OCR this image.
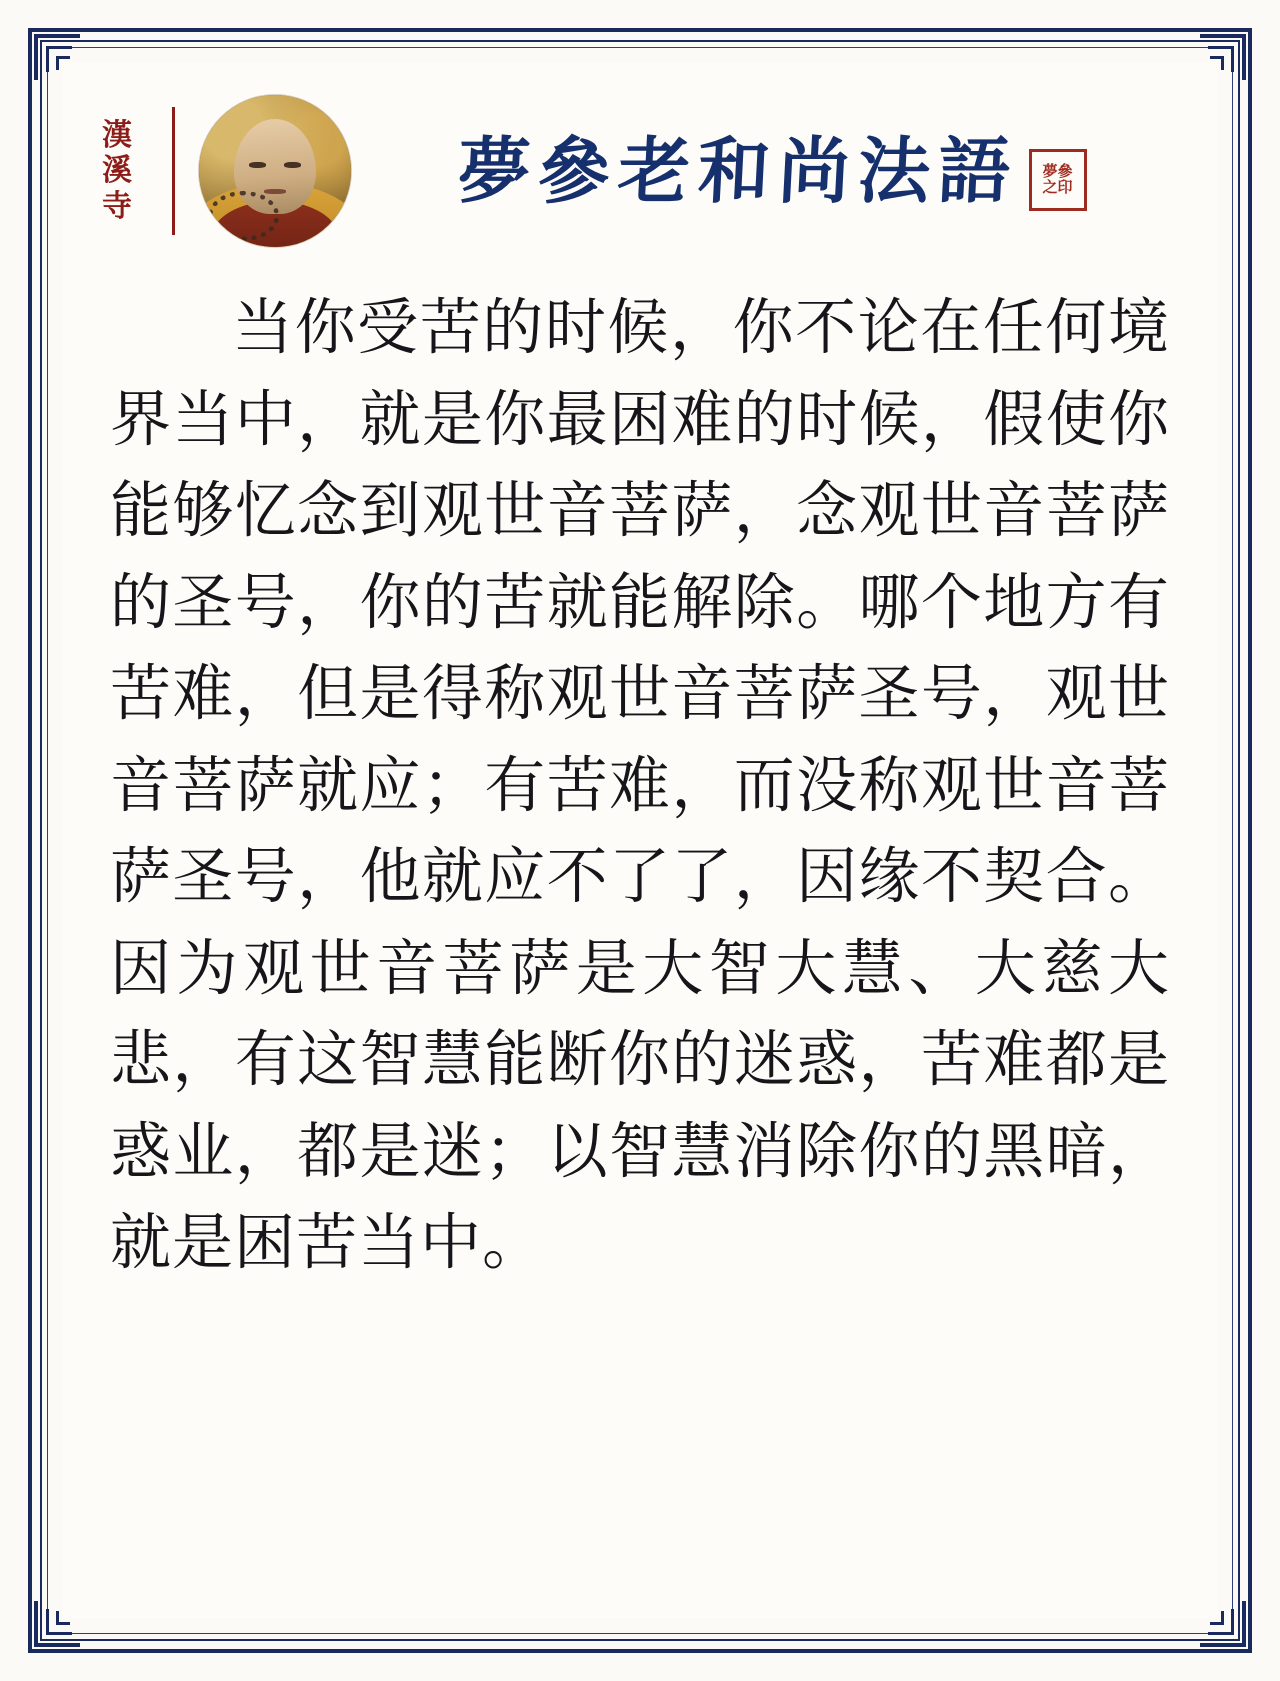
漢溪寺	夢參老和尚法語 夢參
之印
当你受苦的时候，你不论在任何境界当中，就是你最困难的时候，假使你能够忆念到观世音菩萨，念观世音菩萨的圣号，你的苦就能解除。哪个地方有苦难，但是得称观世音菩萨圣号，观世音菩萨就应；有苦难，而没称观世音菩萨圣号，他就应不了了，因缘不契合。因为观世音菩萨是大智大慧、大慈大悲，有这智慧能断你的迷惑，苦难都是惑业，都是迷；以智慧消除你的黑暗，就是困苦当中。
